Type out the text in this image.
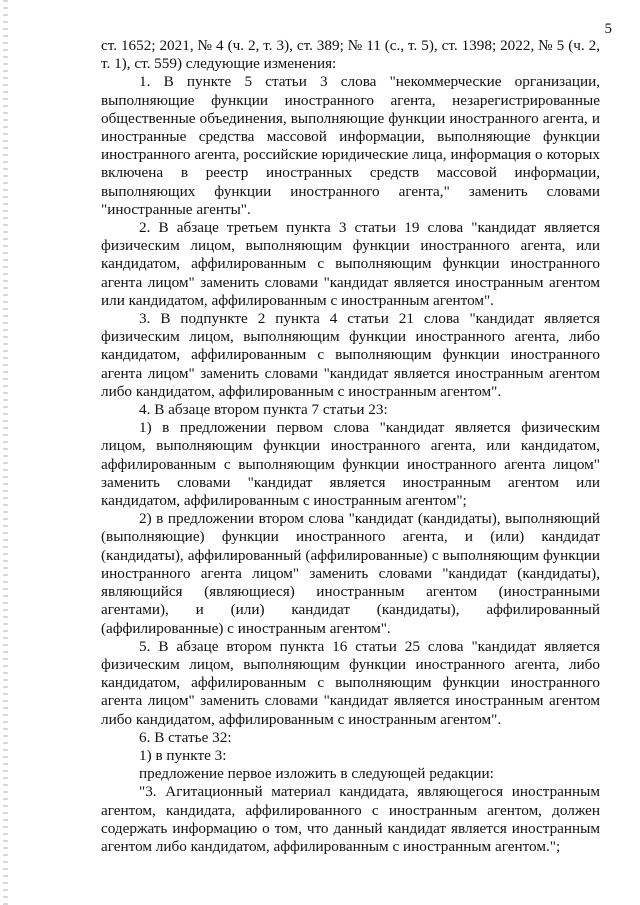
5

ст. 1652; 2021, № 4 (ч. 2, т. 3), ст. 389; № 11 (с., т. 5), ст. 1398; 2022, № 5 (ч. 2, т. 1), ст. 559) следующие изменения:

1. В пункте 5 статьи 3 слова "некоммерческие организации, выполняющие функции иностранного агента, незарегистрированные общественные объединения, выполняющие функции иностранного агента, и иностранные средства массовой информации, выполняющие функции иностранного агента, российские юридические лица, информация о которых включена в реестр иностранных средств массовой информации, выполняющих функции иностранного агента," заменить словами "иностранные агенты".

2. В абзаце третьем пункта 3 статьи 19 слова "кандидат является физическим лицом, выполняющим функции иностранного агента, или кандидатом, аффилированным с выполняющим функции иностранного агента лицом" заменить словами "кандидат является иностранным агентом или кандидатом, аффилированным с иностранным агентом".

3. В подпункте 2 пункта 4 статьи 21 слова "кандидат является физическим лицом, выполняющим функции иностранного агента, либо кандидатом, аффилированным с выполняющим функции иностранного агента лицом" заменить словами "кандидат является иностранным агентом либо кандидатом, аффилированным с иностранным агентом".

4. В абзаце втором пункта 7 статьи 23:

1) в предложении первом слова "кандидат является физическим лицом, выполняющим функции иностранного агента, или кандидатом, аффилированным с выполняющим функции иностранного агента лицом" заменить словами "кандидат является иностранным агентом или кандидатом, аффилированным с иностранным агентом";

2) в предложении втором слова "кандидат (кандидаты), выполняющий (выполняющие) функции иностранного агента, и (или) кандидат (кандидаты), аффилированный (аффилированные) с выполняющим функции иностранного агента лицом" заменить словами "кандидат (кандидаты), являющийся (являющиеся) иностранным агентом (иностранными агентами), и (или) кандидат (кандидаты), аффилированный (аффилированные) с иностранным агентом".

5. В абзаце втором пункта 16 статьи 25 слова "кандидат является физическим лицом, выполняющим функции иностранного агента, либо кандидатом, аффилированным с выполняющим функции иностранного агента лицом" заменить словами "кандидат является иностранным агентом либо кандидатом, аффилированным с иностранным агентом".

6. В статье 32:

1) в пункте 3:

предложение первое изложить в следующей редакции:

"3. Агитационный материал кандидата, являющегося иностранным агентом, кандидата, аффилированного с иностранным агентом, должен содержать информацию о том, что данный кандидат является иностранным агентом либо кандидатом, аффилированным с иностранным агентом.";
